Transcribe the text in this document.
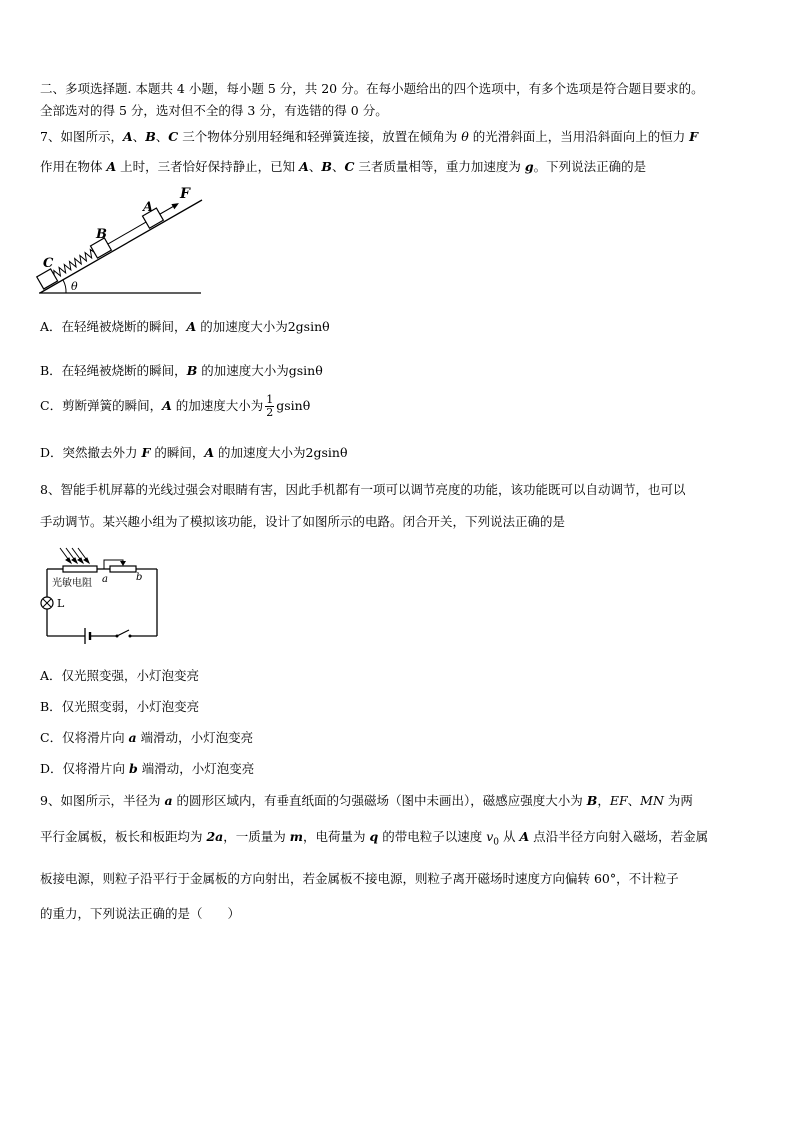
二、多项选择题. 本题共 4 小题，每小题 5 分，共 20 分。在每小题给出的四个选项中，有多个选项是符合题目要求的。
全部选对的得 5 分，选对但不全的得 3 分，有选错的得 0 分。
7、如图所示，A、B、C 三个物体分别用轻绳和轻弹簧连接，放置在倾角为 θ 的光滑斜面上，当用沿斜面向上的恒力 F
作用在物体 A 上时，三者恰好保持静止，已知 A、B、C 三者质量相等，重力加速度为 g。下列说法正确的是
θ
C
B
A
F
A．在轻绳被烧断的瞬间，A 的加速度大小为2gsinθ
B．在轻绳被烧断的瞬间，B 的加速度大小为gsinθ
C．剪断弹簧的瞬间，A 的加速度大小为 $\frac{1}{2}$ gsinθ
D．突然撤去外力 F 的瞬间，A 的加速度大小为2gsinθ
8、智能手机屏幕的光线过强会对眼睛有害，因此手机都有一项可以调节亮度的功能，该功能既可以自动调节，也可以
手动调节。某兴趣小组为了模拟该功能，设计了如图所示的电路。闭合开关，下列说法正确的是
a	b
光敏电阻
L
A．仅光照变强，小灯泡变亮
B．仅光照变弱，小灯泡变亮
C．仅将滑片向 a 端滑动，小灯泡变亮
D．仅将滑片向 b 端滑动，小灯泡变亮
9、如图所示，半径为 a 的圆形区域内，有垂直纸面的匀强磁场（图中未画出），磁感应强度大小为 B，EF、MN 为两
平行金属板，板长和板距均为 2a，一质量为 m，电荷量为 q 的带电粒子以速度 $v_0$ 从 A 点沿半径方向射入磁场，若金属
板接电源，则粒子沿平行于金属板的方向射出，若金属板不接电源，则粒子离开磁场时速度方向偏转 60°，不计粒子
的重力，下列说法正确的是（　　）
